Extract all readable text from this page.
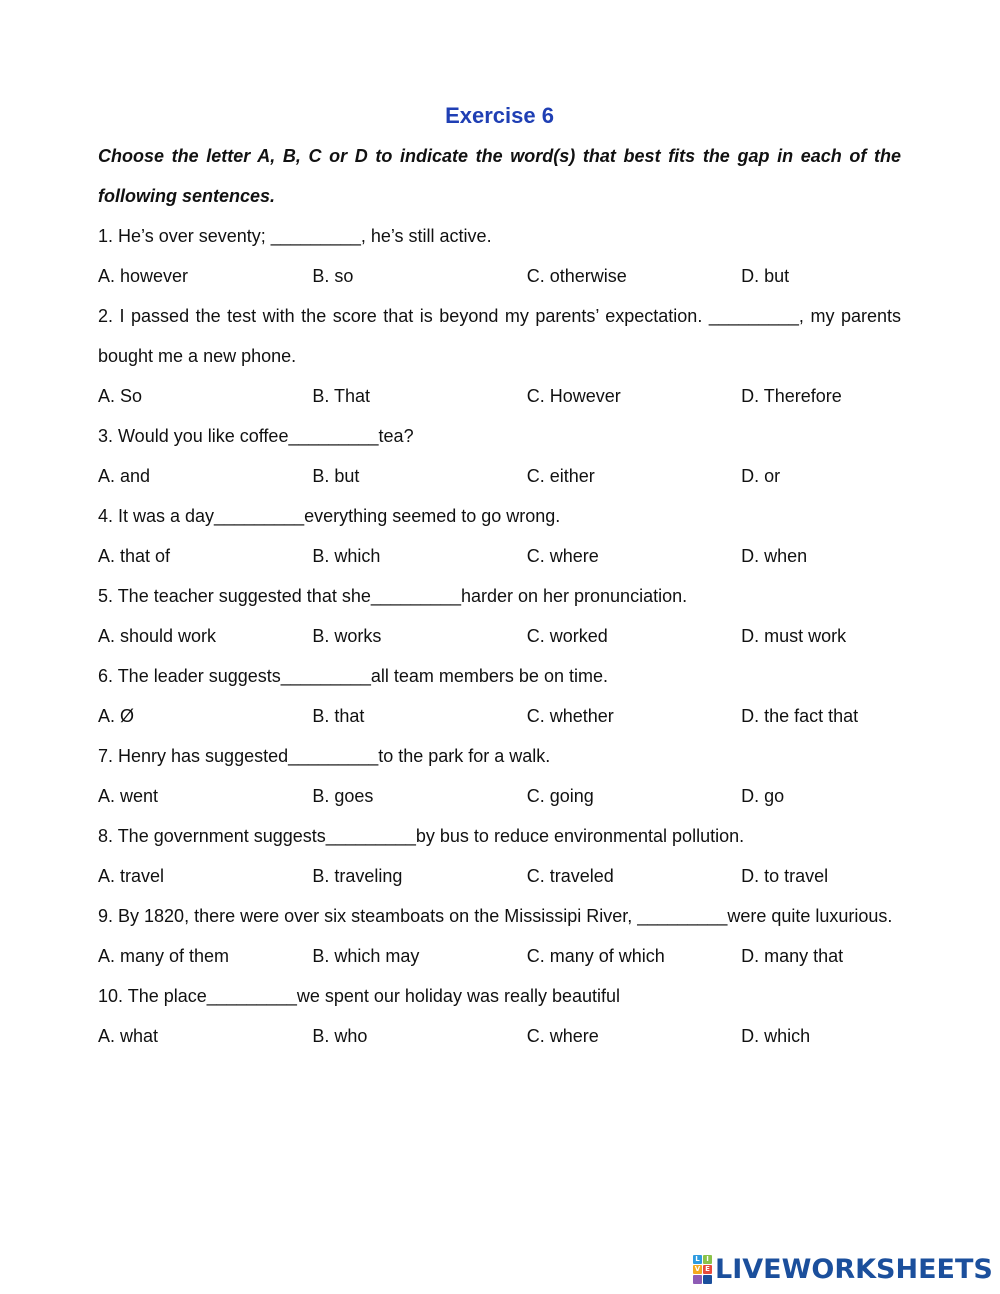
Exercise 6

Choose the letter A, B, C or D to indicate the word(s) that best fits the gap in each of the following sentences.

1. He’s over seventy; _________, he’s still active.

A. however	B. so	C. otherwise	D. but

2. I passed the test with the score that is beyond my parents’ expectation. _________, my parents bought me a new phone.

A. So	B. That	C. However	D. Therefore

3. Would you like coffee_________tea?

A. and	B. but	C. either	D. or

4. It was a day_________everything seemed to go wrong.

A. that of	B. which	C. where	D. when

5. The teacher suggested that she_________harder on her pronunciation.

A. should work	B. works	C. worked	D. must work

6. The leader suggests_________all team members be on time.

A. Ø	B. that	C. whether	D. the fact that

7. Henry has suggested_________to the park for a walk.

A. went	B. goes	C. going	D. go

8. The government suggests_________by bus to reduce environmental pollution.

A. travel	B. traveling	C. traveled	D. to travel

9. By 1820, there were over six steamboats on the Mississipi River, _________were quite luxurious.

A. many of them	B. which may	C. many of which	D. many that

10. The place_________we spent our holiday was really beautiful

A. what	B. who	C. where	D. which
L I
V E LIVEWORKSHEETS
